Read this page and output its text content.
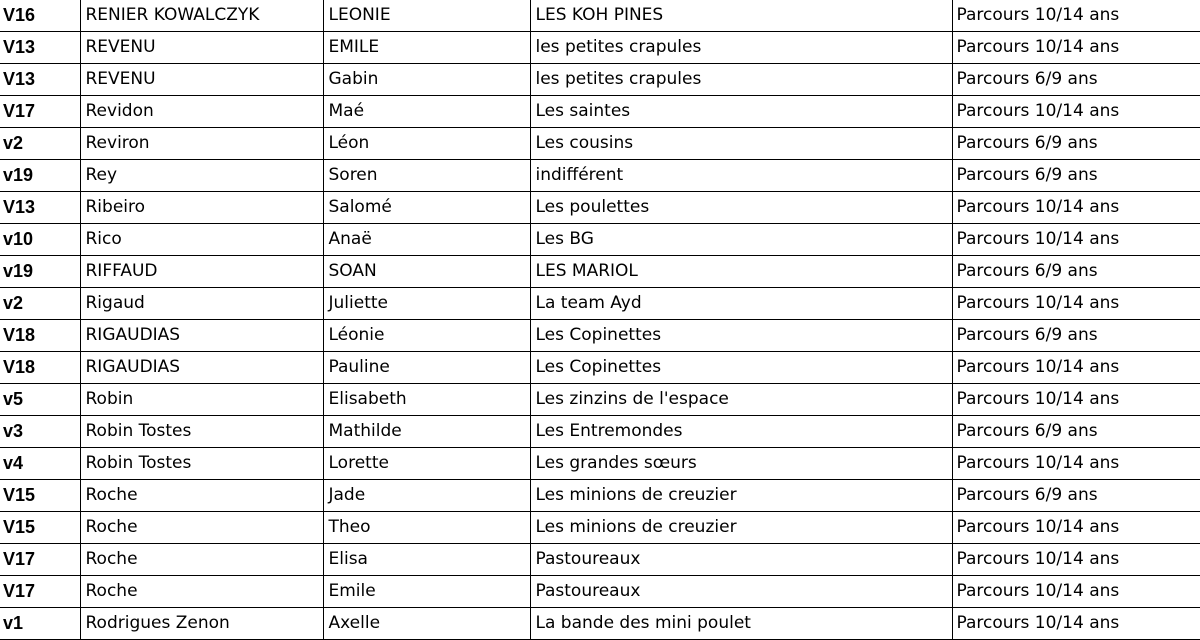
V16	RENIER KOWALCZYK	LEONIE	LES KOH PINES	Parcours 10/14 ans
V13	REVENU	EMILE	les petites crapules	Parcours 10/14 ans
V13	REVENU	Gabin	les petites crapules	Parcours 6/9 ans
V17	Revidon	Maé	Les saintes	Parcours 10/14 ans
v2	Reviron	Léon	Les cousins	Parcours 6/9 ans
v19	Rey	Soren	indifférent	Parcours 6/9 ans
V13	Ribeiro	Salomé	Les poulettes	Parcours 10/14 ans
v10	Rico	Anaë	Les BG	Parcours 10/14 ans
v19	RIFFAUD	SOAN	LES MARIOL	Parcours 6/9 ans
v2	Rigaud	Juliette	La team Ayd	Parcours 10/14 ans
V18	RIGAUDIAS	Léonie	Les Copinettes	Parcours 6/9 ans
V18	RIGAUDIAS	Pauline	Les Copinettes	Parcours 10/14 ans
v5	Robin	Elisabeth	Les zinzins de l'espace	Parcours 10/14 ans
v3	Robin Tostes	Mathilde	Les Entremondes	Parcours 6/9 ans
v4	Robin Tostes	Lorette	Les grandes sœurs	Parcours 10/14 ans
V15	Roche	Jade	Les minions de creuzier	Parcours 6/9 ans
V15	Roche	Theo	Les minions de creuzier	Parcours 10/14 ans
V17	Roche	Elisa	Pastoureaux	Parcours 10/14 ans
V17	Roche	Emile	Pastoureaux	Parcours 10/14 ans
v1	Rodrigues Zenon	Axelle	La bande des mini poulet	Parcours 10/14 ans
